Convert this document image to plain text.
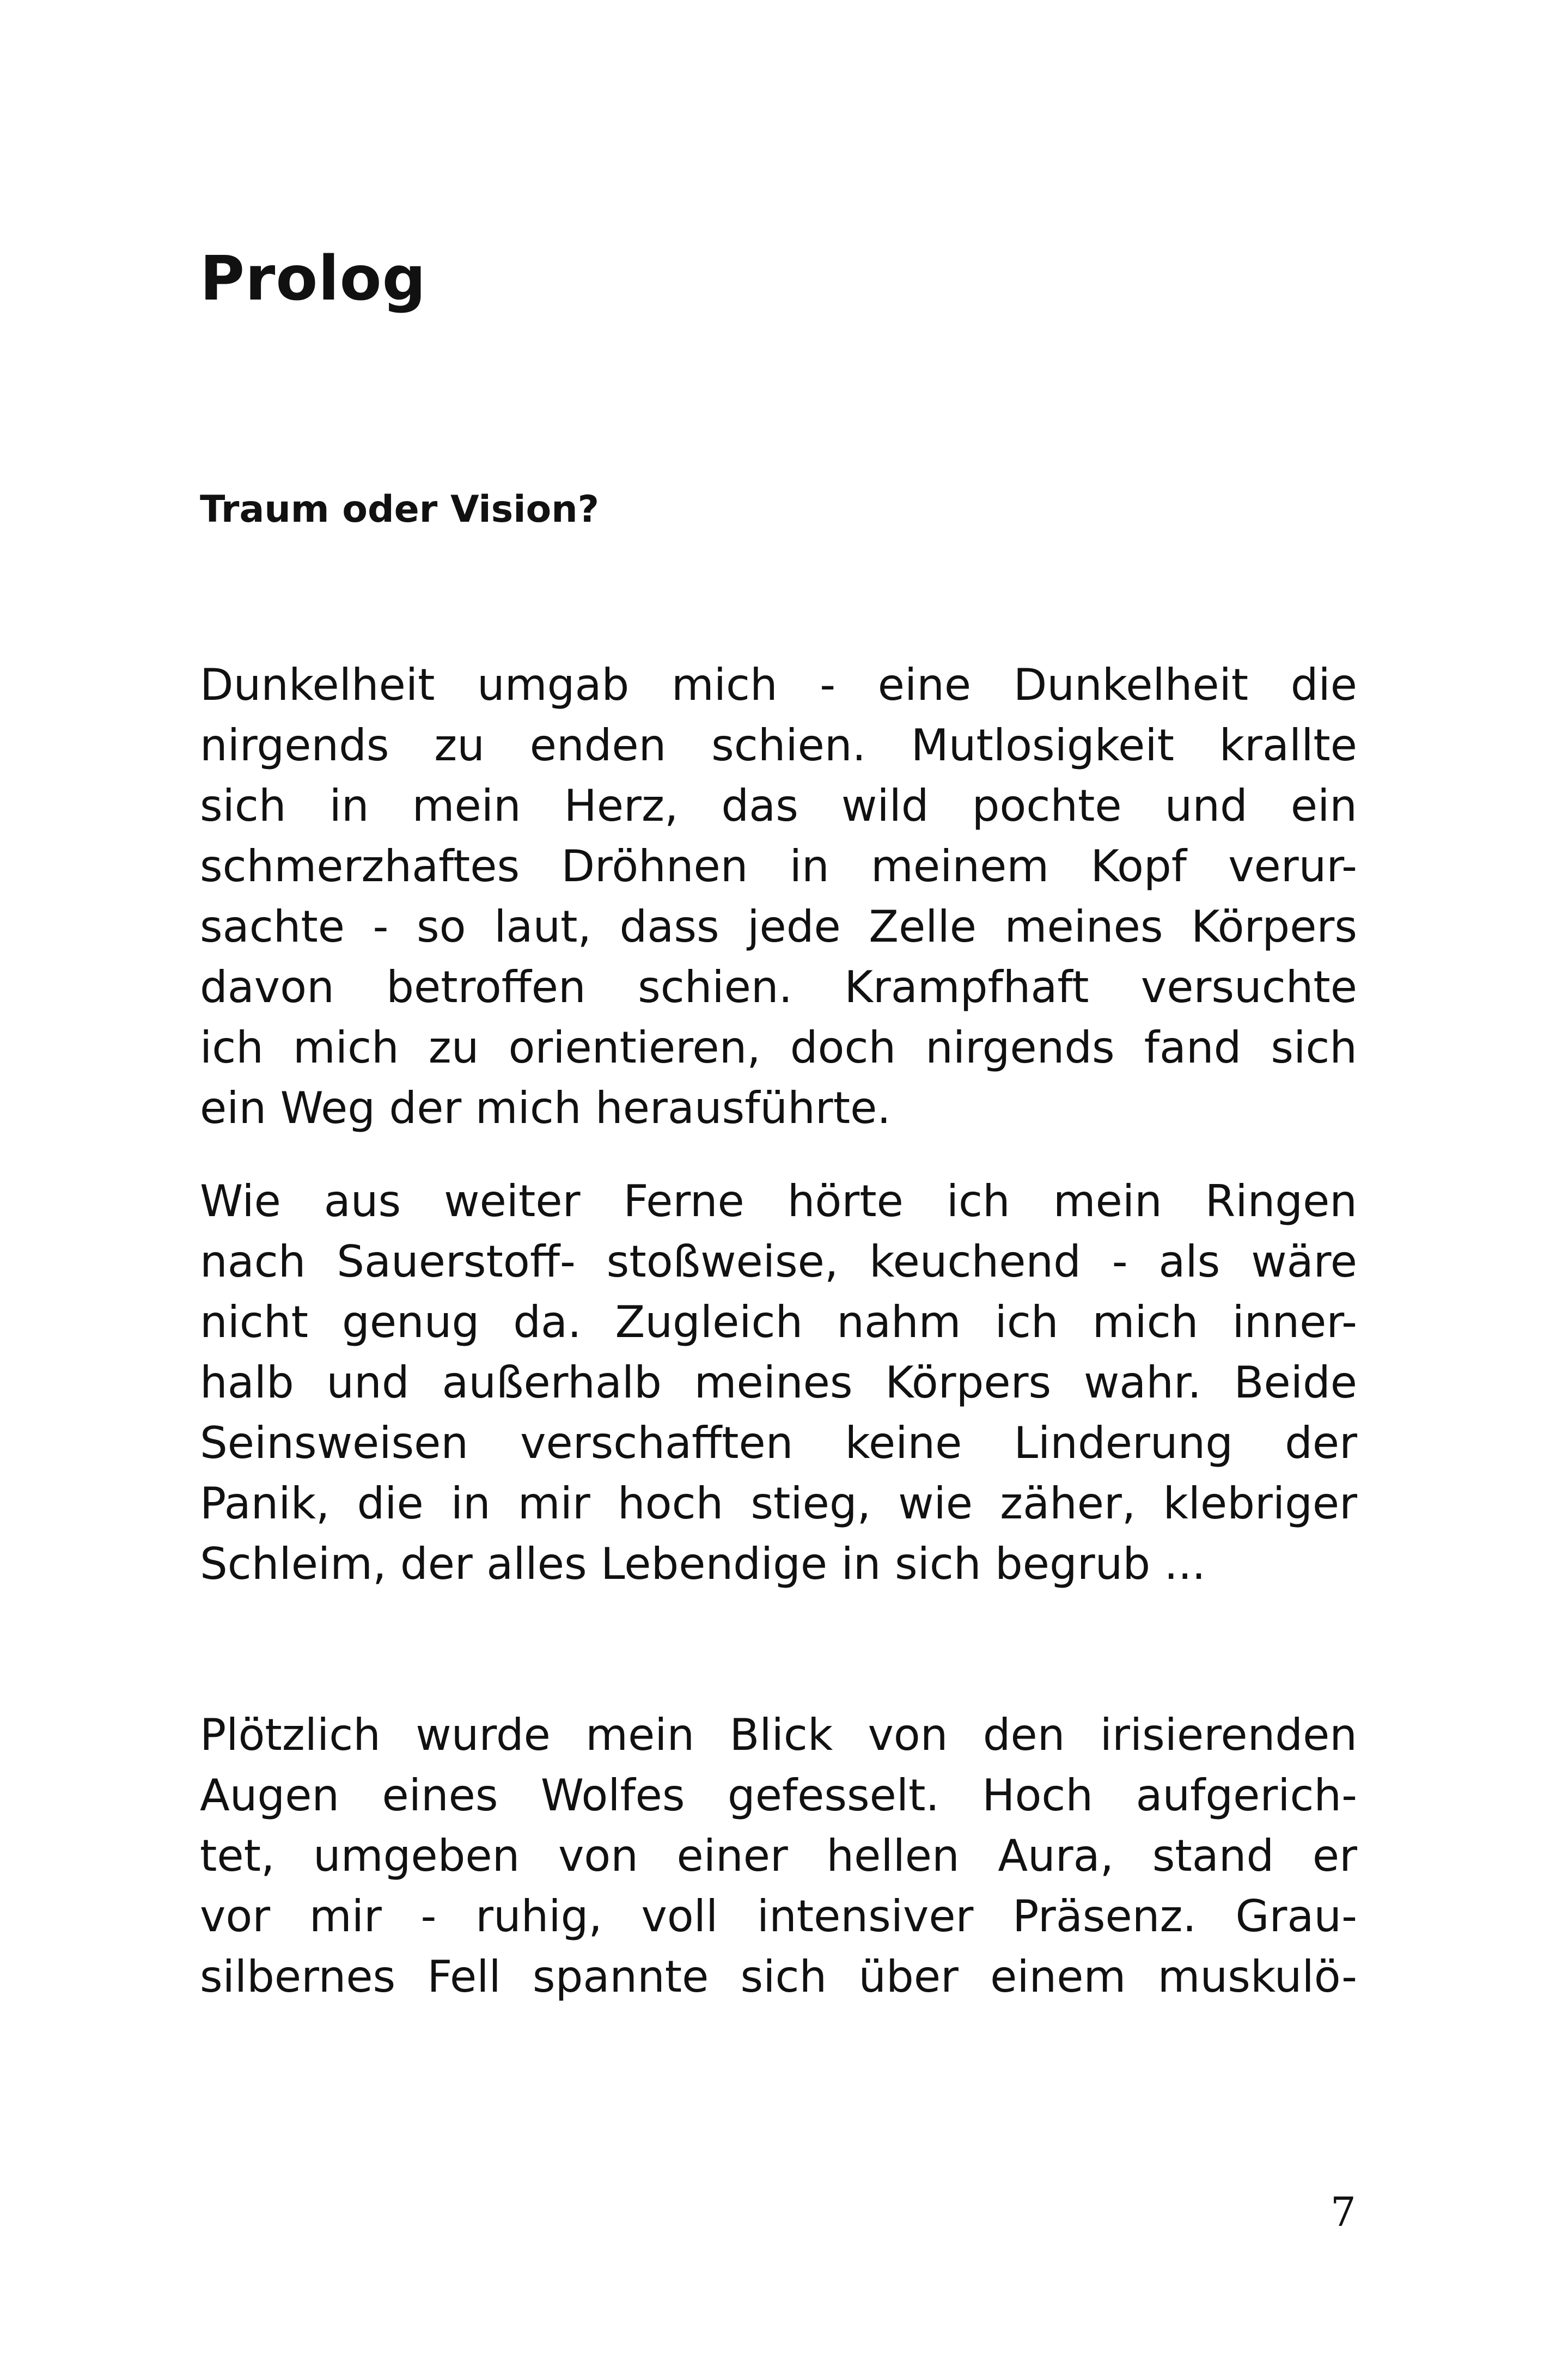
Prolog
Traum oder Vision?
Dunkelheit umgab mich - eine Dunkelheit die
nirgends zu enden schien. Mutlosigkeit krallte
sich in mein Herz, das wild pochte und ein
schmerzhaftes Dröhnen in meinem Kopf verur-
sachte - so laut, dass jede Zelle meines Körpers
davon betroffen schien. Krampfhaft versuchte
ich mich zu orientieren, doch nirgends fand sich
ein Weg der mich herausführte.
Wie aus weiter Ferne hörte ich mein Ringen
nach Sauerstoff- stoßweise, keuchend - als wäre
nicht genug da. Zugleich nahm ich mich inner-
halb und außerhalb meines Körpers wahr. Beide
Seinsweisen verschafften keine Linderung der
Panik, die in mir hoch stieg, wie zäher, klebriger
Schleim, der alles Lebendige in sich begrub ...
Plötzlich wurde mein Blick von den irisierenden
Augen eines Wolfes gefesselt. Hoch aufgerich-
tet, umgeben von einer hellen Aura, stand er
vor mir - ruhig, voll intensiver Präsenz. Grau-
silbernes Fell spannte sich über einem muskulö-
7
